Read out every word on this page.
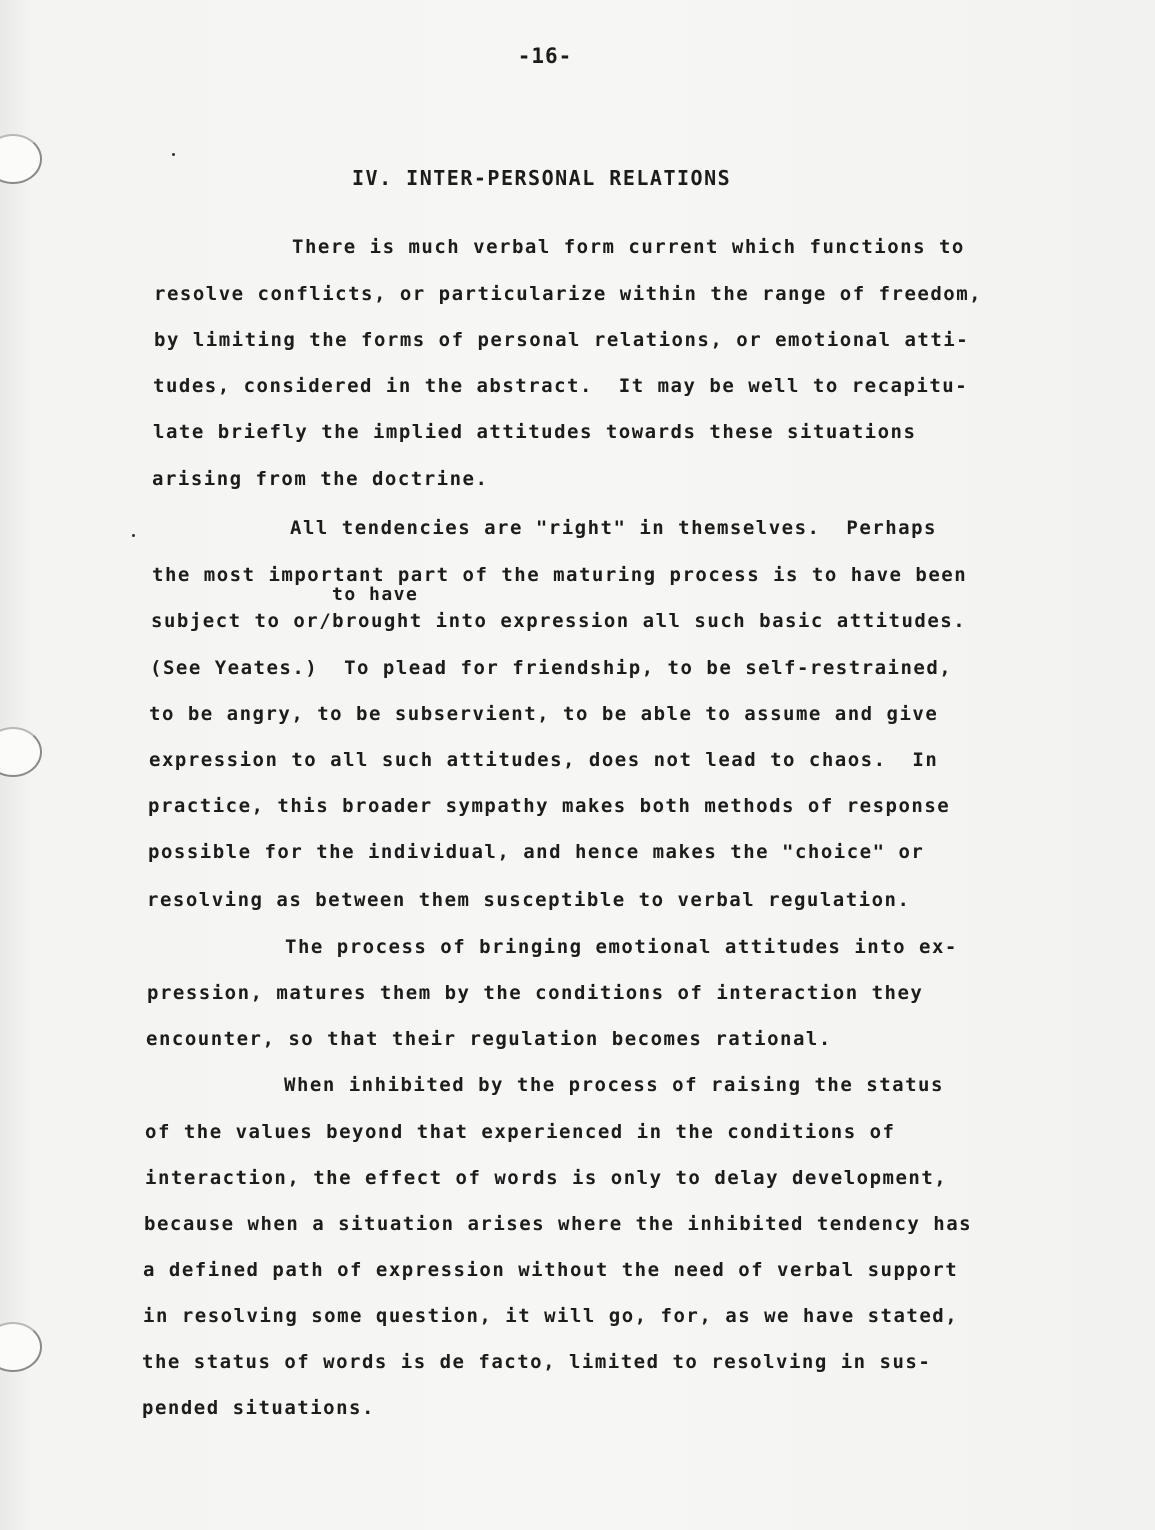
-16-
IV. INTER-PERSONAL RELATIONS
There is much verbal form current which functions to
resolve conflicts, or particularize within the range of freedom,
by limiting the forms of personal relations, or emotional atti-
tudes, considered in the abstract.  It may be well to recapitu-
late briefly the implied attitudes towards these situations
arising from the doctrine.
All tendencies are "right" in themselves.  Perhaps
the most important part of the maturing process is to have been
to have
subject to or/brought into expression all such basic attitudes.
(See Yeates.)  To plead for friendship, to be self-restrained,
to be angry, to be subservient, to be able to assume and give
expression to all such attitudes, does not lead to chaos.  In
practice, this broader sympathy makes both methods of response
possible for the individual, and hence makes the "choice" or
resolving as between them susceptible to verbal regulation.
The process of bringing emotional attitudes into ex-
pression, matures them by the conditions of interaction they
encounter, so that their regulation becomes rational.
When inhibited by the process of raising the status
of the values beyond that experienced in the conditions of
interaction, the effect of words is only to delay development,
because when a situation arises where the inhibited tendency has
a defined path of expression without the need of verbal support
in resolving some question, it will go, for, as we have stated,
the status of words is de facto, limited to resolving in sus-
pended situations.
